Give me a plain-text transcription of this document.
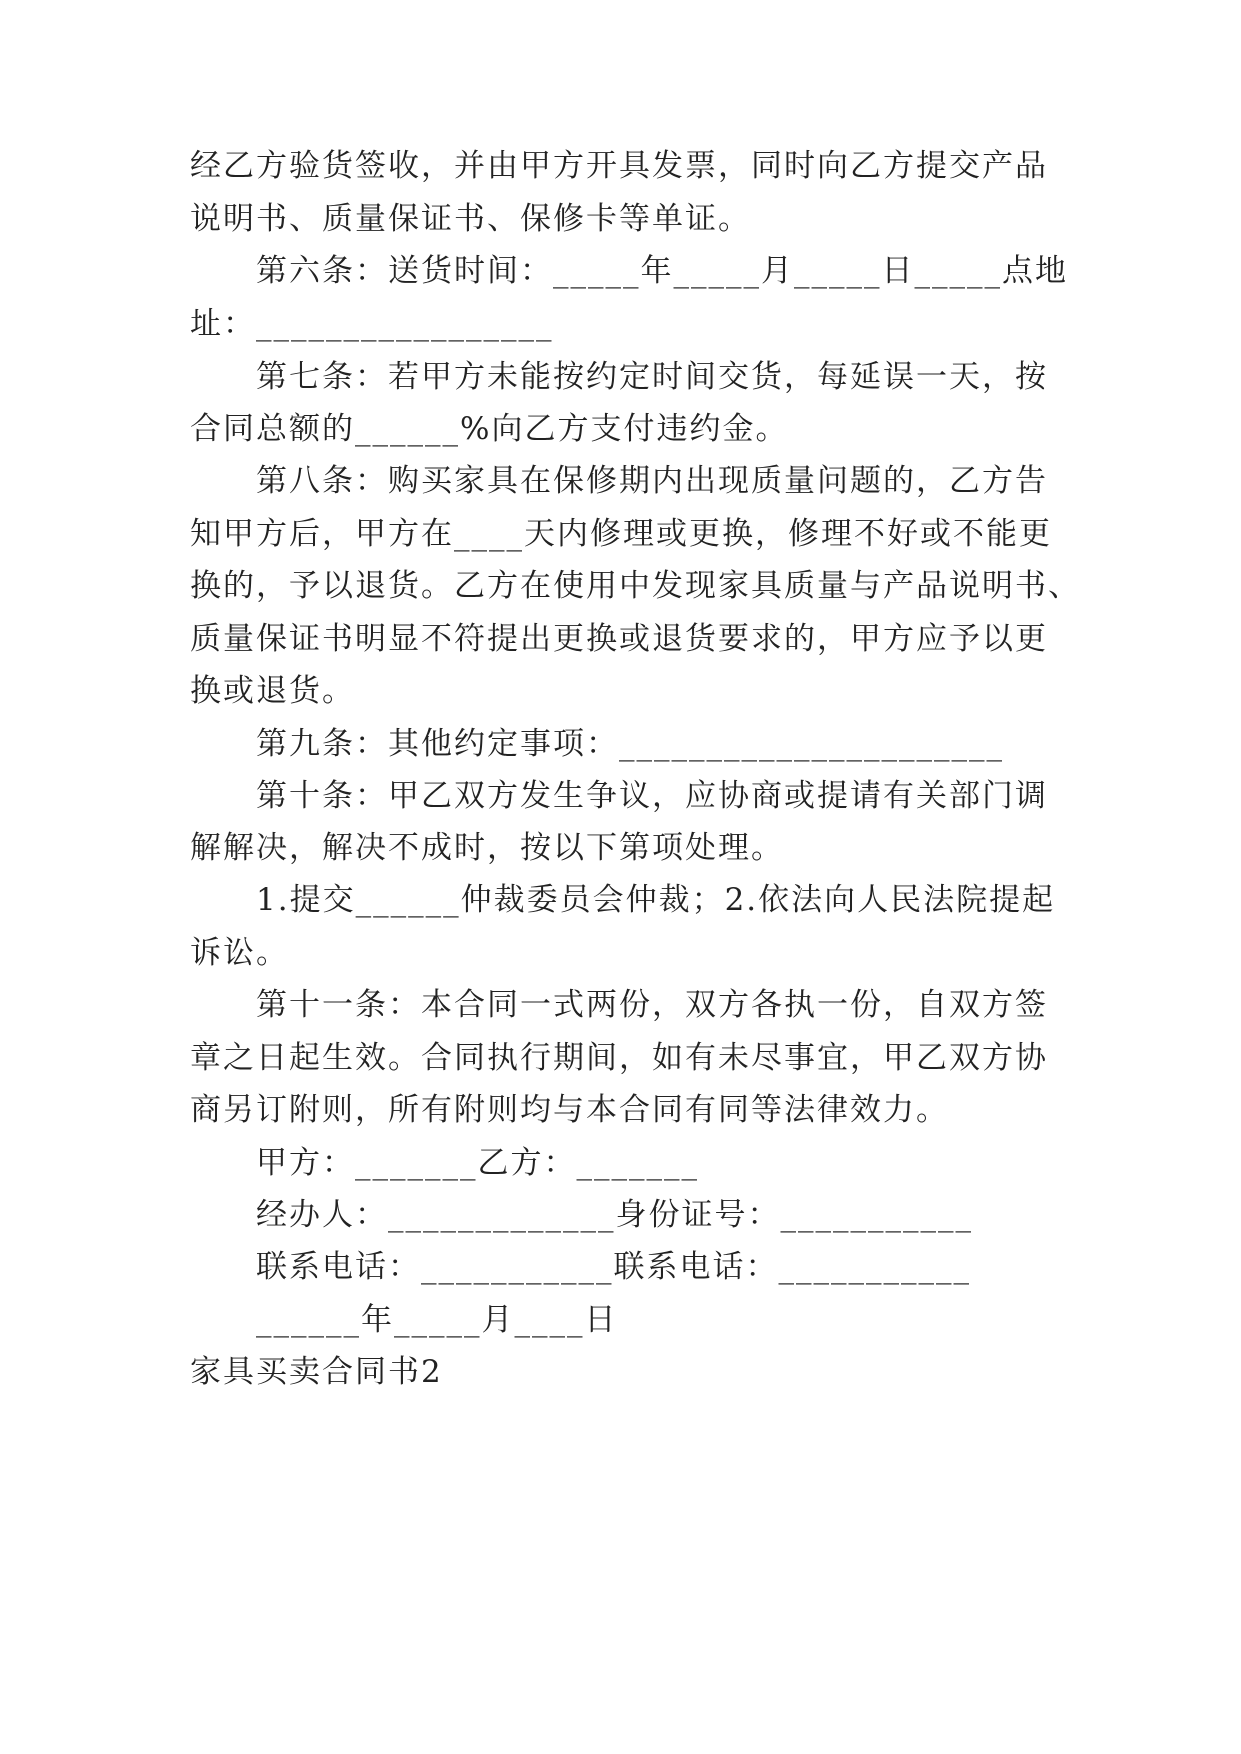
经乙方验货签收，并由甲方开具发票，同时向乙方提交产品
说明书、质量保证书、保修卡等单证。
第六条：送货时间：_____年_____月_____日_____点地
址：_________________
第七条：若甲方未能按约定时间交货，每延误一天，按
合同总额的______%向乙方支付违约金。
第八条：购买家具在保修期内出现质量问题的，乙方告
知甲方后，甲方在____天内修理或更换，修理不好或不能更
换的，予以退货。乙方在使用中发现家具质量与产品说明书、
质量保证书明显不符提出更换或退货要求的，甲方应予以更
换或退货。
第九条：其他约定事项：______________________
第十条：甲乙双方发生争议，应协商或提请有关部门调
解解决，解决不成时，按以下第项处理。
1.提交______仲裁委员会仲裁；2.依法向人民法院提起
诉讼。
第十一条：本合同一式两份，双方各执一份，自双方签
章之日起生效。合同执行期间，如有未尽事宜，甲乙双方协
商另订附则，所有附则均与本合同有同等法律效力。
甲方：_______乙方：_______
经办人：_____________身份证号：___________
联系电话：___________联系电话：___________
______年_____月____日
家具买卖合同书2
